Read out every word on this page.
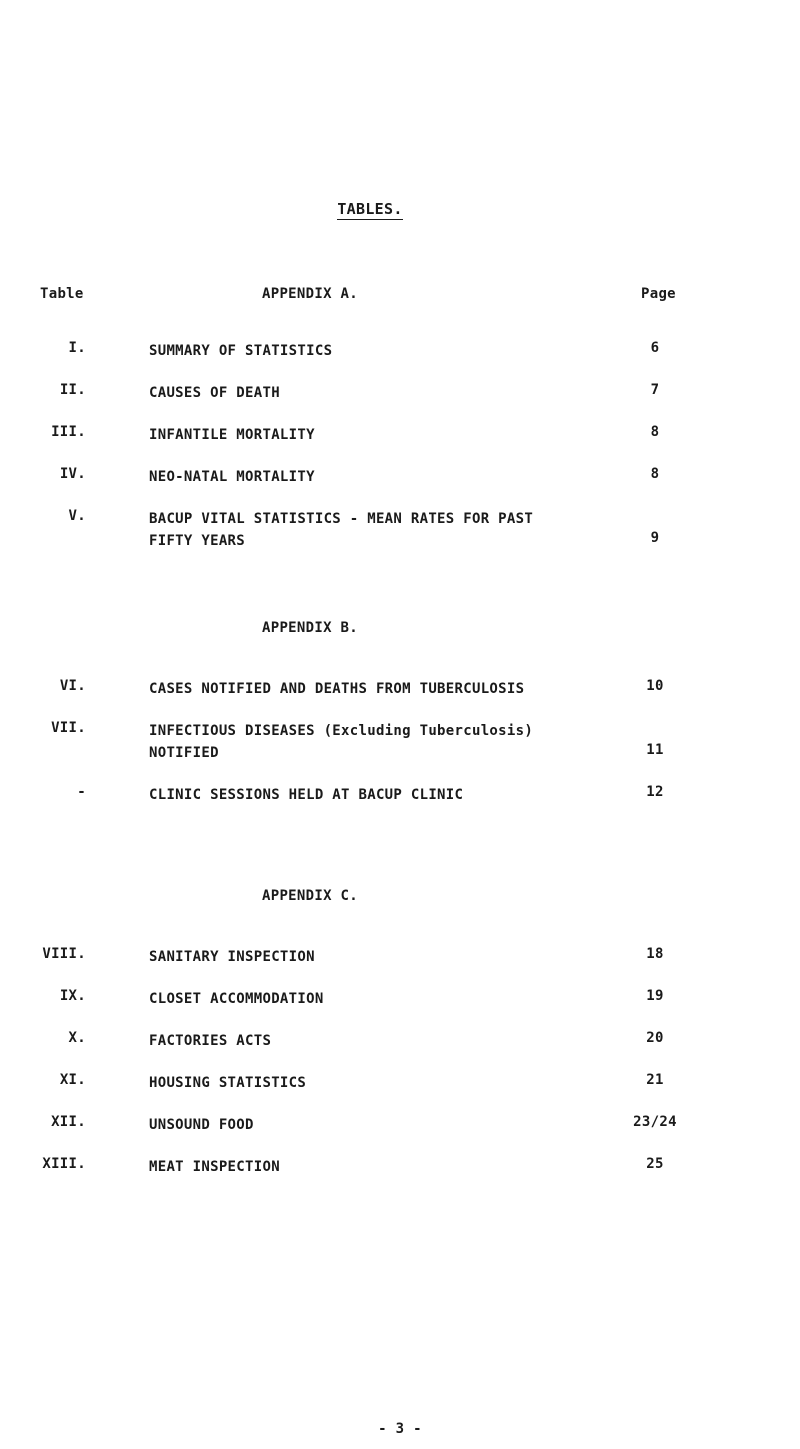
TABLES.
Table	APPENDIX A.	Page
I.	SUMMARY OF STATISTICS	6
II.	CAUSES OF DEATH	7
III.	INFANTILE MORTALITY	8
IV.	NEO-NATAL MORTALITY	8
V.	BACUP VITAL STATISTICS - MEAN RATES FOR PAST
FIFTY YEARS	9
APPENDIX B.
VI.	CASES NOTIFIED AND DEATHS FROM TUBERCULOSIS	10
VII.	INFECTIOUS DISEASES (Excluding Tuberculosis)
NOTIFIED	11
-	CLINIC SESSIONS HELD AT BACUP CLINIC	12
APPENDIX C.
VIII.	SANITARY INSPECTION	18
IX.	CLOSET ACCOMMODATION	19
X.	FACTORIES ACTS	20
XI.	HOUSING STATISTICS	21
XII.	UNSOUND FOOD	23/24
XIII.	MEAT INSPECTION	25
- 3 -
